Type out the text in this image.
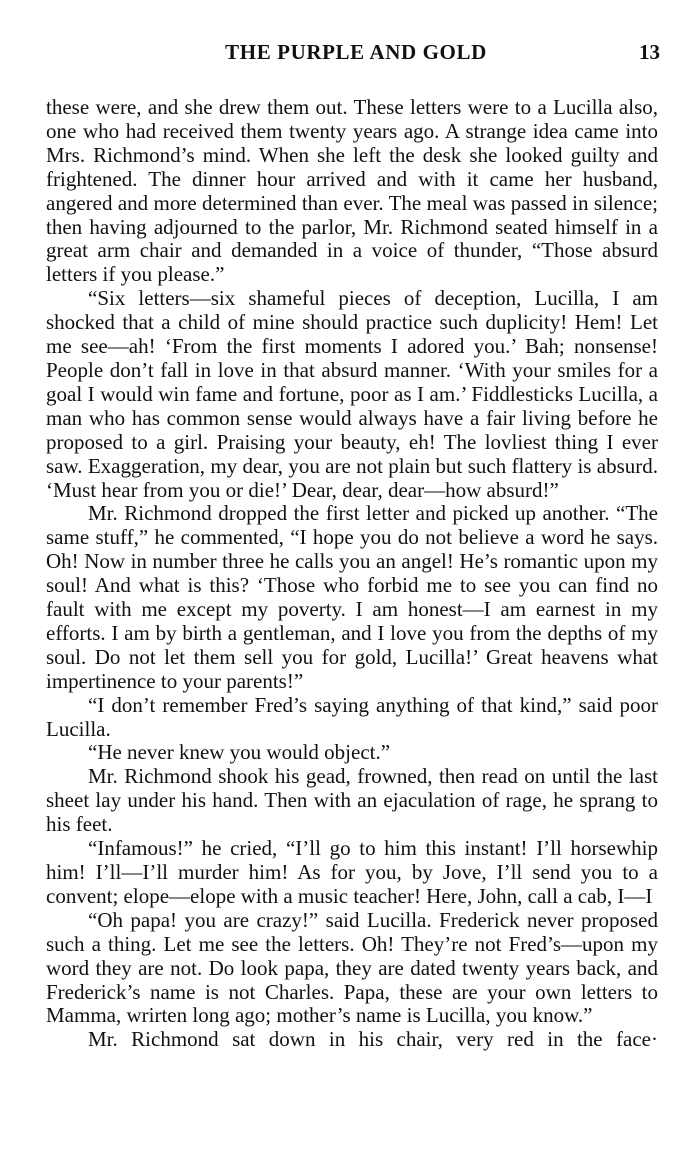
THE PURPLE AND GOLD	13

these were, and she drew them out. These letters were to a Lucilla also, one who had received them twenty years ago. A strange idea came into Mrs. Richmond’s mind. When she left the desk she looked guilty and frightened. The dinner hour arrived and with it came her husband, angered and more determined than ever. The meal was passed in silence; then having adjourned to the parlor, Mr. Richmond seated himself in a great arm chair and demanded in a voice of thunder, “Those absurd letters if you please.”

“Six letters—six shameful pieces of deception, Lucilla, I am shocked that a child of mine should practice such duplicity! Hem! Let me see—ah! ‘From the first moments I adored you.’ Bah; nonsense! People don’t fall in love in that absurd manner. ‘With your smiles for a goal I would win fame and fortune, poor as I am.’ Fiddlesticks Lucilla, a man who has common sense would always have a fair living before he proposed to a girl. Praising your beauty, eh! The lovliest thing I ever saw. Exaggeration, my dear, you are not plain but such flattery is absurd. ‘Must hear from you or die!’ Dear, dear, dear—how absurd!”

Mr. Richmond dropped the first letter and picked up another. “The same stuff,” he commented, “I hope you do not believe a word he says. Oh! Now in number three he calls you an angel! He’s romantic upon my soul! And what is this? ‘Those who forbid me to see you can find no fault with me except my poverty. I am honest—I am earnest in my efforts. I am by birth a gentleman, and I love you from the depths of my soul. Do not let them sell you for gold, Lucilla!’ Great heavens what impertinence to your parents!”

“I don’t remember Fred’s saying anything of that kind,” said poor Lucilla.

“He never knew you would object.”

Mr. Richmond shook his gead, frowned, then read on until the last sheet lay under his hand. Then with an ejaculation of rage, he sprang to his feet.

“Infamous!” he cried, “I’ll go to him this instant! I’ll horsewhip him! I’ll—I’ll murder him! As for you, by Jove, I’ll send you to a convent; elope—elope with a music teacher! Here, John, call a cab, I—I

“Oh papa! you are crazy!” said Lucilla. Frederick never proposed such a thing. Let me see the letters. Oh! They’re not Fred’s—upon my word they are not. Do look papa, they are dated twenty years back, and Frederick’s name is not Charles. Papa, these are your own letters to Mamma, wrirten long ago; mother’s name is Lucilla, you know.”

Mr. Richmond sat down in his chair, very red in the face·
